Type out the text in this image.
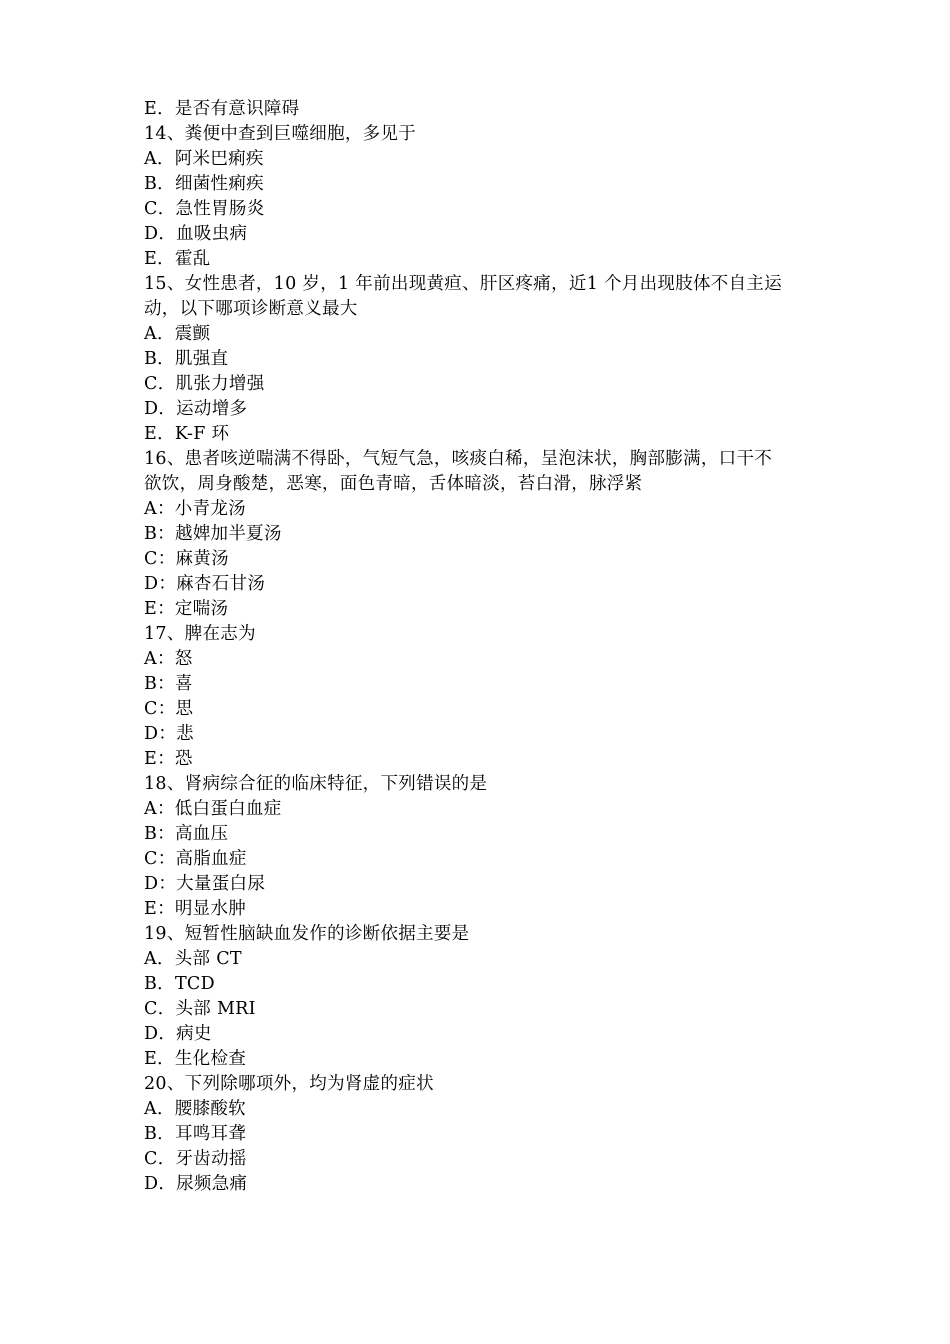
E．是否有意识障碍
14、粪便中查到巨噬细胞，多见于
A．阿米巴痢疾
B．细菌性痢疾
C．急性胃肠炎
D．血吸虫病
E．霍乱
15、女性患者，10 岁，1 年前出现黄疸、肝区疼痛，近1 个月出现肢体不自主运
动，以下哪项诊断意义最大
A．震颤
B．肌强直
C．肌张力增强
D．运动增多
E．K-F 环
16、患者咳逆喘满不得卧，气短气急，咳痰白稀，呈泡沫状，胸部膨满，口干不
欲饮，周身酸楚，恶寒，面色青暗，舌体暗淡，苔白滑，脉浮紧
A：小青龙汤
B：越婢加半夏汤
C：麻黄汤
D：麻杏石甘汤
E：定喘汤
17、脾在志为
A：怒
B：喜
C：思
D：悲
E：恐
18、肾病综合征的临床特征，下列错误的是
A：低白蛋白血症
B：高血压
C：高脂血症
D：大量蛋白尿
E：明显水肿
19、短暂性脑缺血发作的诊断依据主要是
A．头部 CT
B．TCD
C．头部 MRI
D．病史
E．生化检查
20、下列除哪项外，均为肾虚的症状
A．腰膝酸软
B．耳鸣耳聋
C．牙齿动摇
D．尿频急痛
